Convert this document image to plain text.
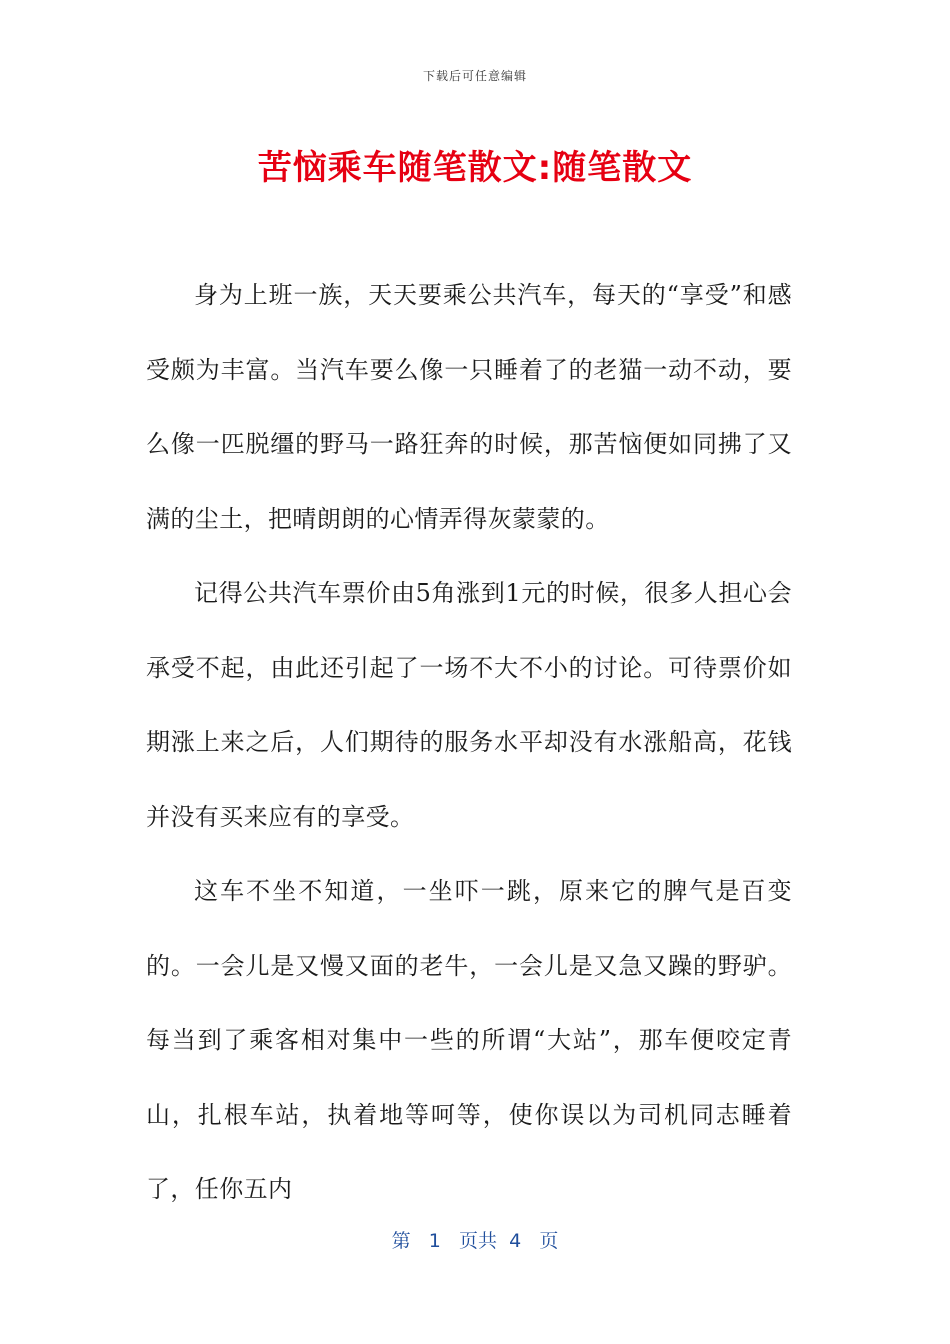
下载后可任意编辑
苦恼乘车随笔散文:随笔散文

身为上班一族，天天要乘公共汽车，每天的“享受”和感受颇为丰富。当汽车要么像一只睡着了的老猫一动不动，要么像一匹脱缰的野马一路狂奔的时候，那苦恼便如同拂了又满的尘土，把晴朗朗的心情弄得灰蒙蒙的。

记得公共汽车票价由5角涨到1元的时候，很多人担心会承受不起，由此还引起了一场不大不小的讨论。可待票价如期涨上来之后，人们期待的服务水平却没有水涨船高，花钱并没有买来应有的享受。

这车不坐不知道，一坐吓一跳，原来它的脾气是百变的。一会儿是又慢又面的老牛，一会儿是又急又躁的野驴。每当到了乘客相对集中一些的所谓“大站”，那车便咬定青山，扎根车站，执着地等呵等，使你误以为司机同志睡着了，任你五内

第 1 页共 4 页
